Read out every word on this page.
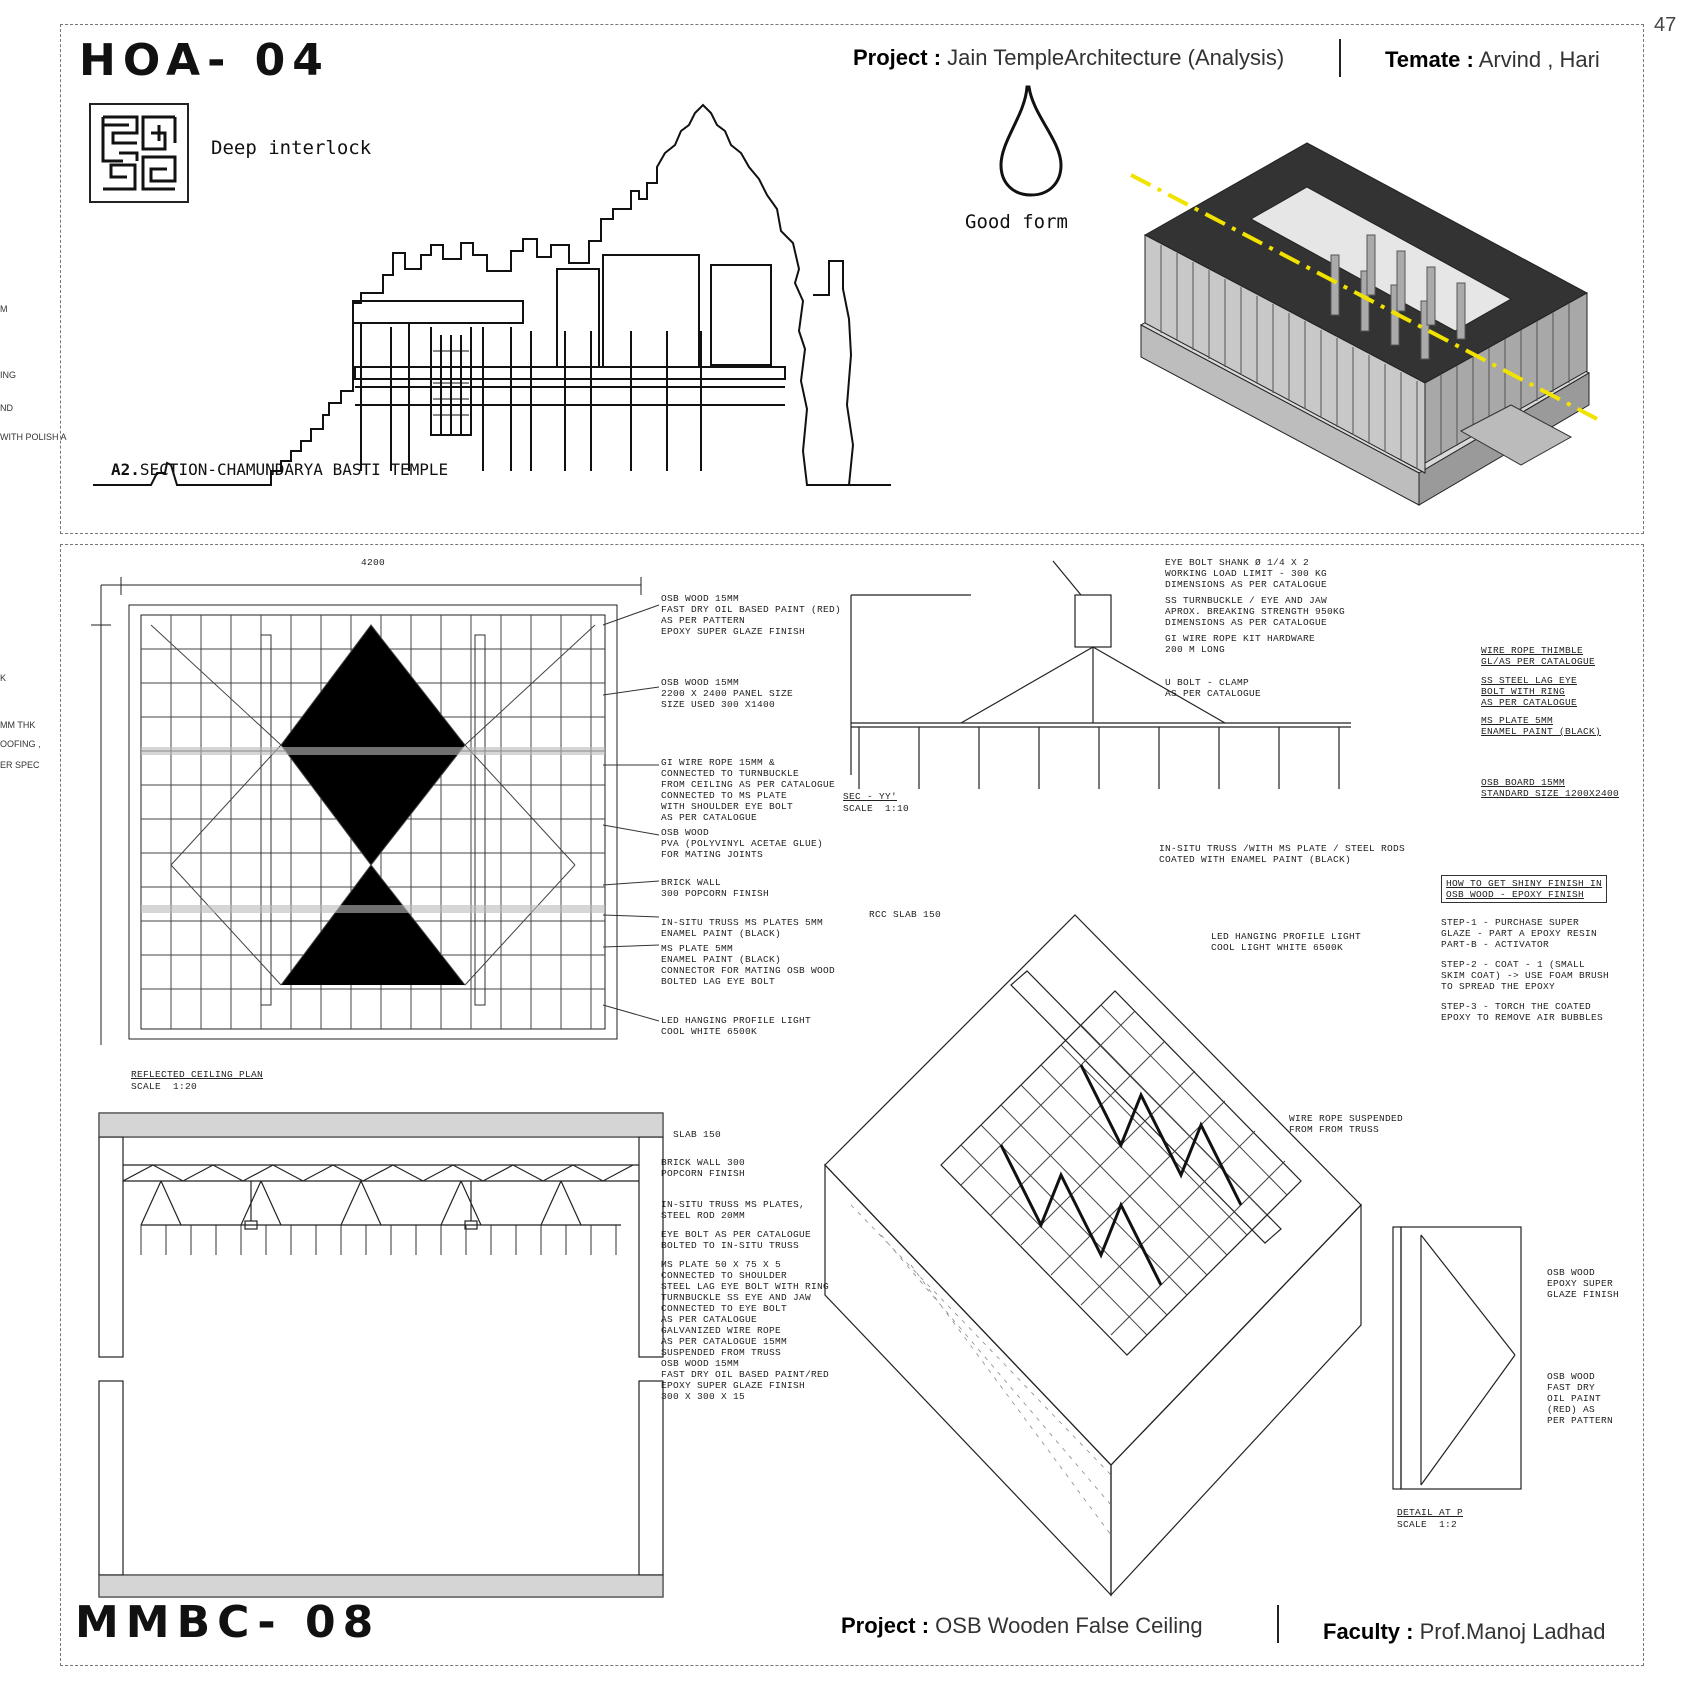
47
M
ING
ND
WITH POLISH A
K
MM THK
OOFING ,
ER SPEC
HOA- 04	Project : Jain TempleArchitecture (Analysis)	Temate : Arvind , Hari
Deep interlock
A2.SECTION-CHAMUNDARYA BASTI TEMPLE
Good form
4200
REFLECTED CEILING PLAN
SCALE  1:20
OSB WOOD 15MM
FAST DRY OIL BASED PAINT (RED)
AS PER PATTERN
EPOXY SUPER GLAZE FINISH
OSB WOOD 15MM
2200 X 2400 PANEL SIZE
SIZE USED 300 X1400
GI WIRE ROPE 15MM &
CONNECTED TO TURNBUCKLE
FROM CEILING AS PER CATALOGUE
CONNECTED TO MS PLATE
WITH SHOULDER EYE BOLT
AS PER CATALOGUE
OSB WOOD
PVA (POLYVINYL ACETAE GLUE)
FOR MATING JOINTS
BRICK WALL
300 POPCORN FINISH
IN-SITU TRUSS MS PLATES 5MM
ENAMEL PAINT (BLACK)
MS PLATE 5MM
ENAMEL PAINT (BLACK)
CONNECTOR FOR MATING OSB WOOD
BOLTED LAG EYE BOLT
LED HANGING PROFILE LIGHT
COOL WHITE 6500K
SLAB 150
BRICK WALL 300
POPCORN FINISH
IN-SITU TRUSS MS PLATES,
STEEL ROD 20MM
EYE BOLT AS PER CATALOGUE
BOLTED TO IN-SITU TRUSS
MS PLATE 50 X 75 X 5
CONNECTED TO SHOULDER
STEEL LAG EYE BOLT WITH RING
TURNBUCKLE SS EYE AND JAW
CONNECTED TO EYE BOLT
AS PER CATALOGUE
GALVANIZED WIRE ROPE
AS PER CATALOGUE 15MM
SUSPENDED FROM TRUSS
OSB WOOD 15MM
FAST DRY OIL BASED PAINT/RED
EPOXY SUPER GLAZE FINISH
300 X 300 X 15
SEC - YY'
SCALE  1:10
EYE BOLT SHANK Ø 1/4 X 2
WORKING LOAD LIMIT - 300 KG
DIMENSIONS AS PER CATALOGUE
SS TURNBUCKLE / EYE AND JAW
APROX. BREAKING STRENGTH 950KG
DIMENSIONS AS PER CATALOGUE
GI WIRE ROPE KIT HARDWARE
200 M LONG
U BOLT - CLAMP
AS PER CATALOGUE
WIRE ROPE THIMBLE
GL/AS PER CATALOGUE
SS STEEL LAG EYE
BOLT WITH RING
AS PER CATALOGUE
MS PLATE 5MM
ENAMEL PAINT (BLACK)
OSB BOARD 15MM
STANDARD SIZE 1200X2400
RCC SLAB 150
IN-SITU TRUSS /WITH MS PLATE / STEEL RODS
COATED WITH ENAMEL PAINT (BLACK)
LED HANGING PROFILE LIGHT
COOL LIGHT WHITE 6500K
WIRE ROPE SUSPENDED
FROM FROM TRUSS
HOW TO GET SHINY FINISH IN
OSB WOOD - EPOXY FINISH
STEP-1 - PURCHASE SUPER
GLAZE - PART A EPOXY RESIN
PART-B - ACTIVATOR
STEP-2 - COAT - 1 (SMALL
SKIM COAT) -> USE FOAM BRUSH
TO SPREAD THE EPOXY
STEP-3 - TORCH THE COATED
EPOXY TO REMOVE AIR BUBBLES
OSB WOOD
EPOXY SUPER
GLAZE FINISH
OSB WOOD
FAST DRY
OIL PAINT
(RED) AS
PER PATTERN
DETAIL AT P
SCALE  1:2
MMBC- 08	Project : OSB Wooden False Ceiling	Faculty : Prof.Manoj Ladhad
